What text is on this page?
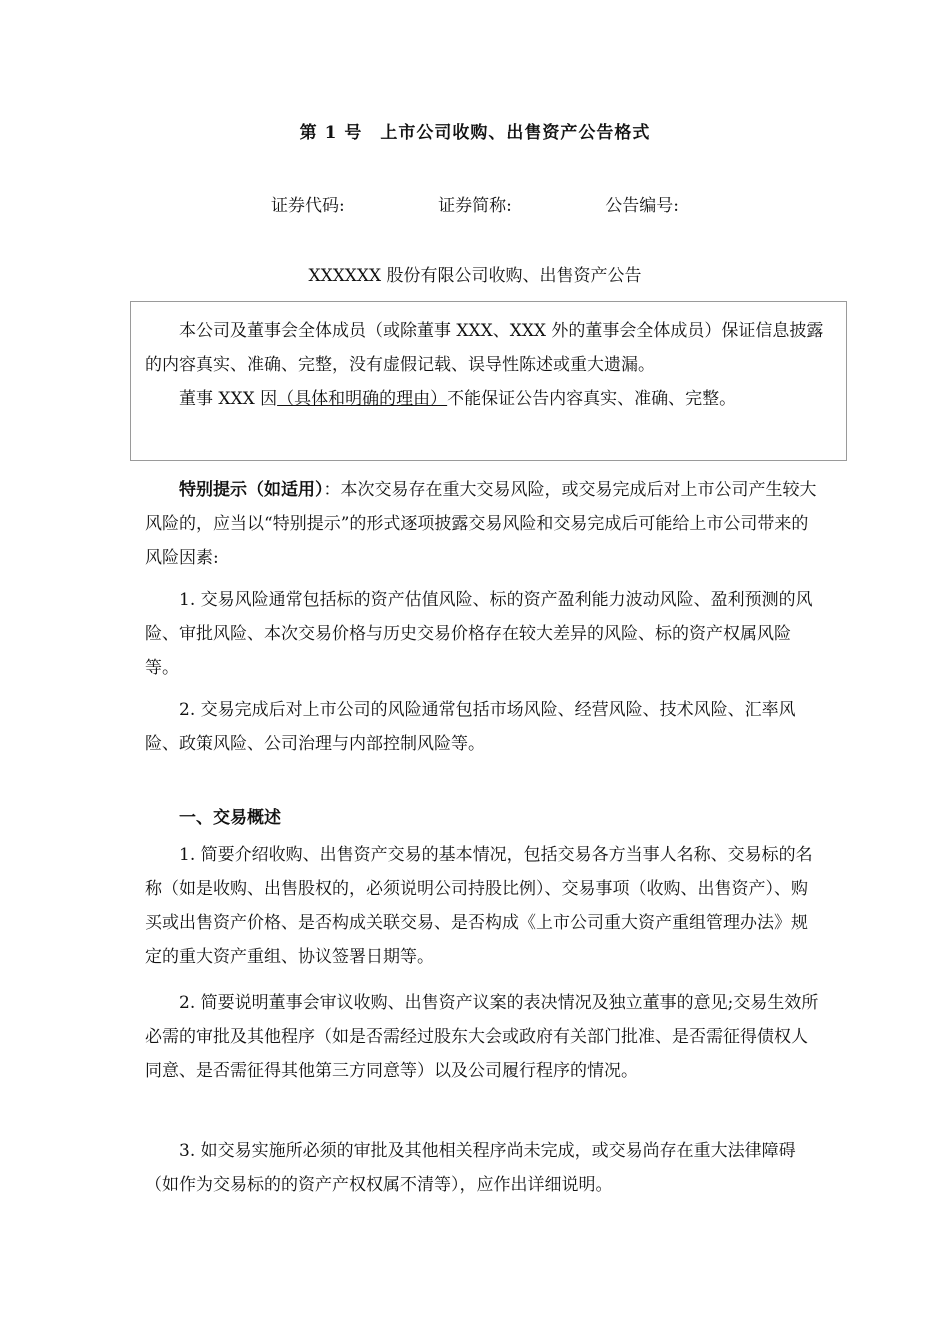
第 1 号　上市公司收购、出售资产公告格式
证券代码:	证券简称:	公告编号:
XXXXXX 股份有限公司收购、出售资产公告

本公司及董事会全体成员（或除董事 XXX、XXX 外的董事会全体成员）保证信息披露的内容真实、准确、完整，没有虚假记载、误导性陈述或重大遗漏。

董事 XXX 因（具体和明确的理由）不能保证公告内容真实、准确、完整。

特别提示（如适用）：本次交易存在重大交易风险，或交易完成后对上市公司产生较大风险的，应当以“特别提示”的形式逐项披露交易风险和交易完成后可能给上市公司带来的风险因素:

1. 交易风险通常包括标的资产估值风险、标的资产盈利能力波动风险、盈利预测的风险、审批风险、本次交易价格与历史交易价格存在较大差异的风险、标的资产权属风险等。

2. 交易完成后对上市公司的风险通常包括市场风险、经营风险、技术风险、汇率风险、政策风险、公司治理与内部控制风险等。

一、交易概述

1. 简要介绍收购、出售资产交易的基本情况，包括交易各方当事人名称、交易标的名称（如是收购、出售股权的，必须说明公司持股比例）、交易事项（收购、出售资产）、购买或出售资产价格、是否构成关联交易、是否构成《上市公司重大资产重组管理办法》规定的重大资产重组、协议签署日期等。

2. 简要说明董事会审议收购、出售资产议案的表决情况及独立董事的意见;交易生效所必需的审批及其他程序（如是否需经过股东大会或政府有关部门批准、是否需征得债权人同意、是否需征得其他第三方同意等）以及公司履行程序的情况。

3. 如交易实施所必须的审批及其他相关程序尚未完成，或交易尚存在重大法律障碍（如作为交易标的的资产产权权属不清等），应作出详细说明。
